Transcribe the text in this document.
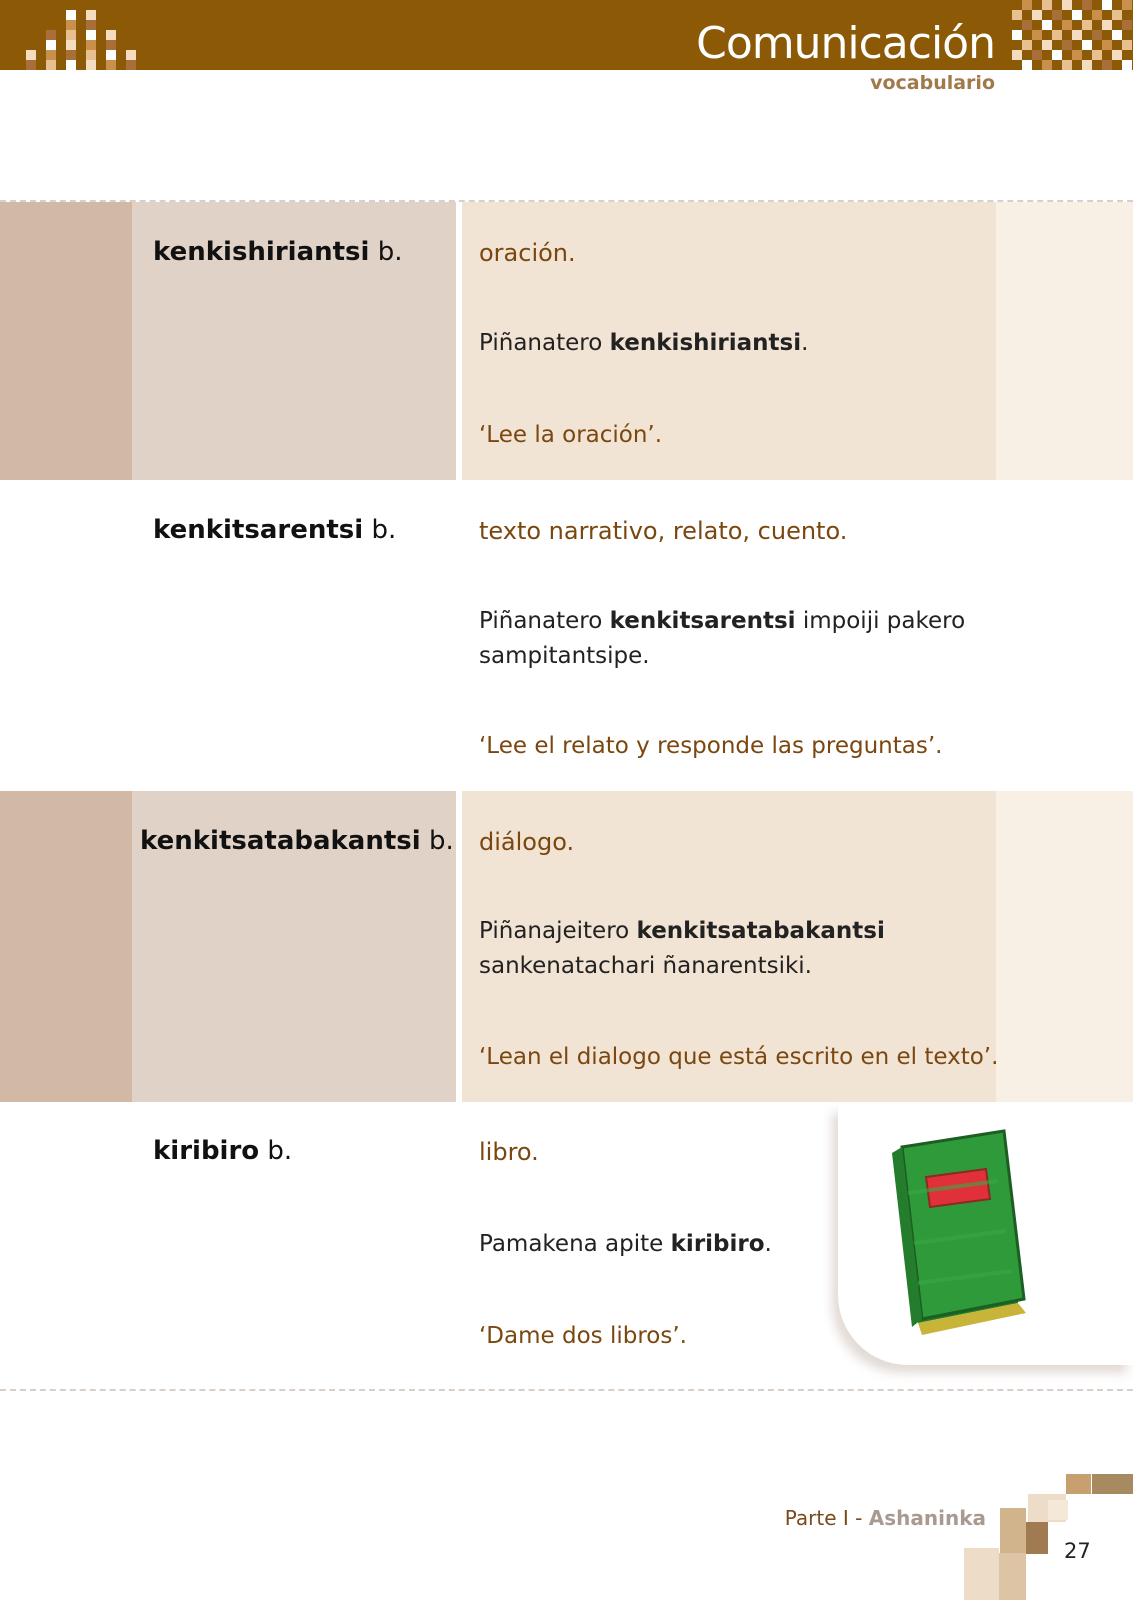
Comunicación
vocabulario
kenkishiriantsi b.	oración.
Piñanatero kenkishiriantsi.
‘Lee la oración’.
kenkitsarentsi b.	texto narrativo, relato, cuento.
Piñanatero kenkitsarentsi impoiji pakero sampitantsipe.
‘Lee el relato y responde las preguntas’.
kenkitsatabakantsi b. diálogo.
Piñanajeitero kenkitsatabakantsi sankenatachari ñanarentsiki.
‘Lean el dialogo que está escrito en el texto’.
kiribiro b.	libro.
Pamakena apite kiribiro.
‘Dame dos libros’.
Parte I - Ashaninka
27
